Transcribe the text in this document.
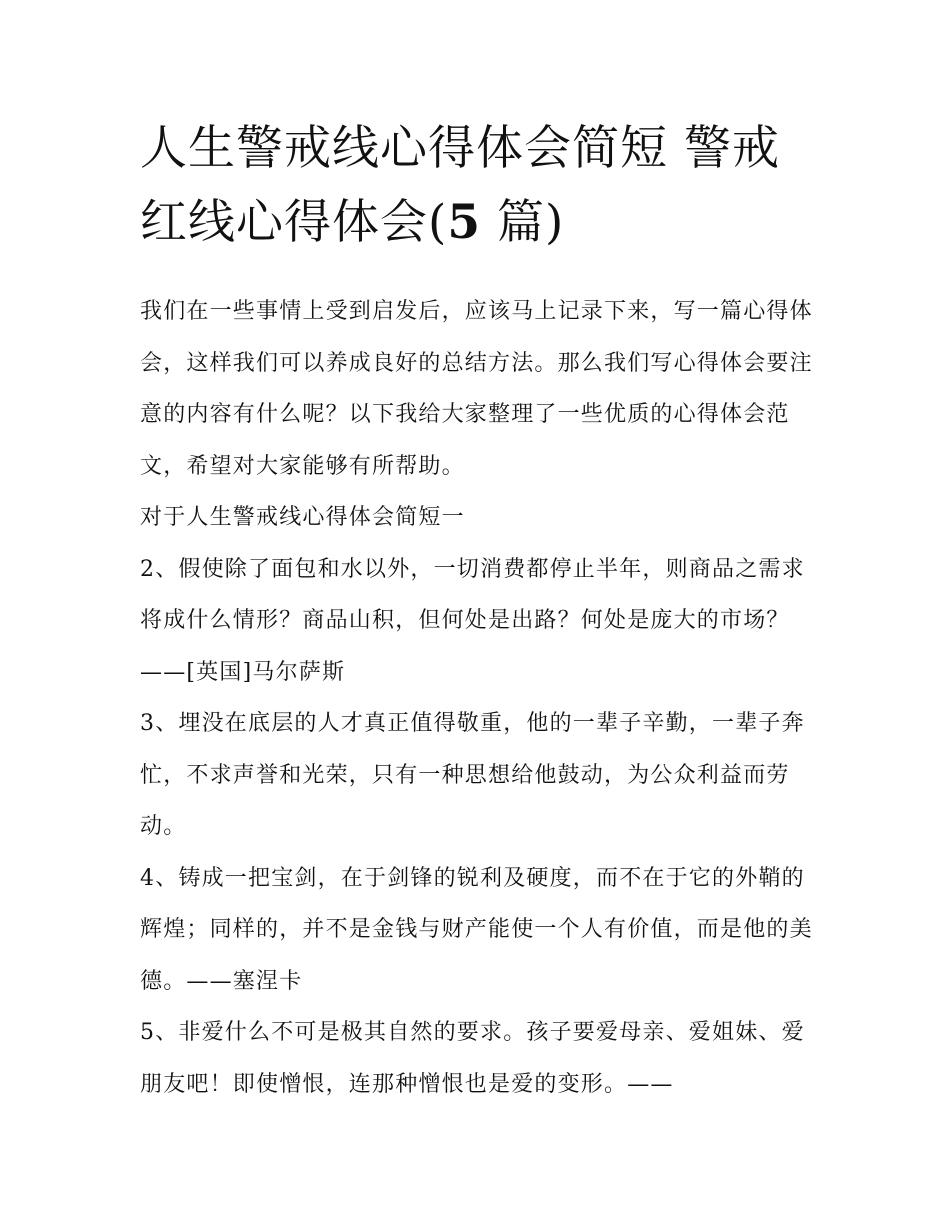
人生警戒线心得体会简短 警戒
红线心得体会(5 篇)

我们在一些事情上受到启发后，应该马上记录下来，写一篇心得体会，这样我们可以养成良好的总结方法。那么我们写心得体会要注意的内容有什么呢？以下我给大家整理了一些优质的心得体会范文，希望对大家能够有所帮助。

对于人生警戒线心得体会简短一

2、假使除了面包和水以外，一切消费都停止半年，则商品之需求将成什么情形？商品山积，但何处是出路？何处是庞大的市场？——[英国]马尔萨斯

3、埋没在底层的人才真正值得敬重，他的一辈子辛勤，一辈子奔忙，不求声誉和光荣，只有一种思想给他鼓动，为公众利益而劳动。

4、铸成一把宝剑，在于剑锋的锐利及硬度，而不在于它的外鞘的辉煌；同样的，并不是金钱与财产能使一个人有价值，而是他的美德。——塞涅卡

5、非爱什么不可是极其自然的要求。孩子要爱母亲、爱姐妹、爱朋友吧！即使憎恨，连那种憎恨也是爱的变形。——
